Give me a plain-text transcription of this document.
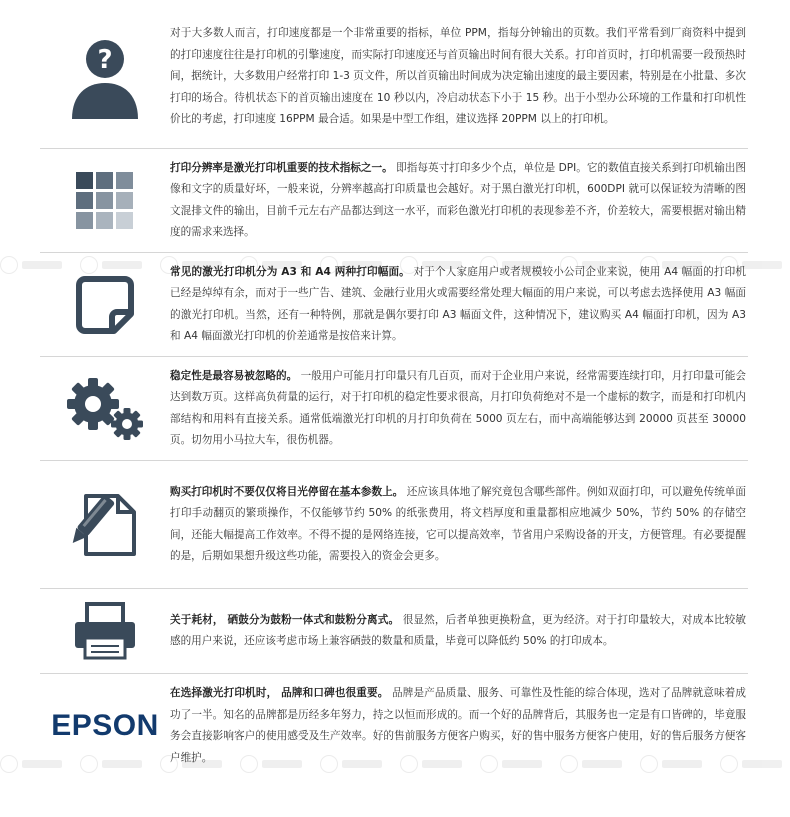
?
对于大多数人而言，打印速度都是一个非常重要的指标，单位 PPM，指每分钟输出的页数。我们平常看到厂商资料中提到的打印速度往往是打印机的引擎速度，而实际打印速度还与首页输出时间有很大关系。打印首页时，打印机需要一段预热时间，据统计，大多数用户经常打印 1-3 页文件，所以首页输出时间成为决定输出速度的最主要因素，特别是在小批量、多次打印的场合。待机状态下的首页输出速度在 10 秒以内，冷启动状态下小于 15 秒。出于小型办公环境的工作量和打印机性价比的考虑，打印速度 16PPM 最合适。如果是中型工作组，建议选择 20PPM 以上的打印机。
打印分辨率是激光打印机重要的技术指标之一。 即指每英寸打印多少个点，单位是 DPI。它的数值直接关系到打印机输出图像和文字的质量好坏，一般来说，分辨率越高打印质量也会越好。对于黑白激光打印机，600DPI 就可以保证较为清晰的图文混排文件的输出，目前千元左右产品都达到这一水平，而彩色激光打印机的表现参差不齐，价差较大，需要根据对输出精度的需求来选择。
常见的激光打印机分为 A3 和 A4 两种打印幅面。 对于个人家庭用户或者规模较小公司企业来说，使用 A4 幅面的打印机已经是绰绰有余，而对于一些广告、建筑、金融行业用火或需要经常处理大幅面的用户来说，可以考虑去选择使用 A3 幅面的激光打印机。当然，还有一种特例，那就是偶尔要打印 A3 幅面文件，这种情况下，建议购买 A4 幅面打印机，因为 A3 和 A4 幅面激光打印机的价差通常是按倍来计算。
稳定性是最容易被忽略的。 一般用户可能月打印量只有几百页，而对于企业用户来说，经常需要连续打印，月打印量可能会达到数万页。这样高负荷量的运行，对于打印机的稳定性要求很高，月打印负荷绝对不是一个虚标的数字，而是和打印机内部结构和用料有直接关系。通常低端激光打印机的月打印负荷在 5000 页左右，而中高端能够达到 20000 页甚至 30000 页。切勿用小马拉大车，很伤机器。
购买打印机时不要仅仅将目光停留在基本参数上。 还应该具体地了解究竟包含哪些部件。例如双面打印，可以避免传统单面打印手动翻页的繁琐操作，不仅能够节约 50% 的纸张费用，将文档厚度和重量都相应地减少 50%，节约 50% 的存储空间，还能大幅提高工作效率。不得不提的是网络连接，它可以提高效率，节省用户采购设备的开支，方便管理。有必要提醒的是，后期如果想升级这些功能，需要投入的资金会更多。
关于耗材， 硒鼓分为鼓粉一体式和鼓粉分离式。 很显然，后者单独更换粉盒，更为经济。对于打印量较大，对成本比较敏感的用户来说，还应该考虑市场上兼容硒鼓的数量和质量，毕竟可以降低约 50% 的打印成本。
EPSON
在选择激光打印机时， 品牌和口碑也很重要。 品牌是产品质量、服务、可靠性及性能的综合体现，选对了品牌就意味着成功了一半。知名的品牌都是历经多年努力，持之以恒而形成的。而一个好的品牌背后，其服务也一定是有口皆碑的，毕竟服务会直接影响客户的使用感受及生产效率。好的售前服务方便客户购买，好的售中服务方便客户使用，好的售后服务方便客户维护。
